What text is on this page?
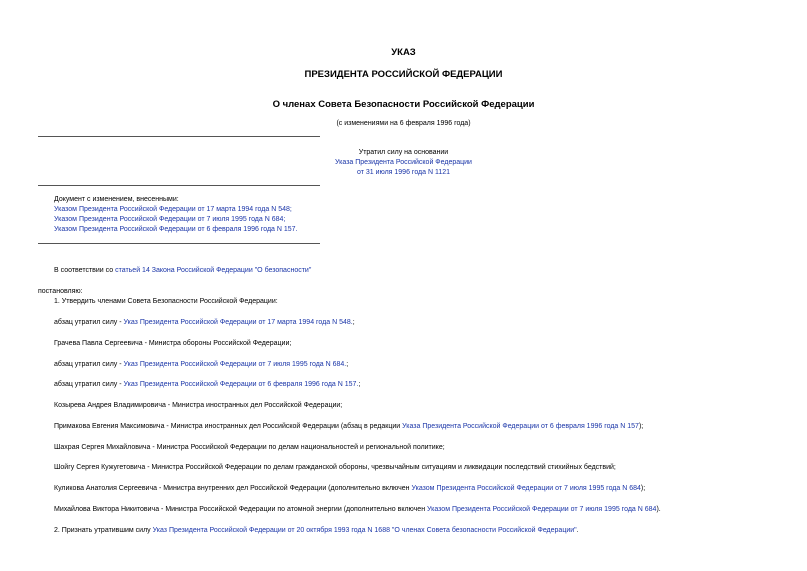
УКАЗ
ПРЕЗИДЕНТА РОССИЙСКОЙ ФЕДЕРАЦИИ
О членах Совета Безопасности Российской Федерации
(с изменениями на 6 февраля 1996 года)
Утратил силу на основании
Указа Президента Российской Федерации
от 31 июля 1996 года N 1121
Документ с изменением, внесенными:
Указом Президента Российской Федерации от 17 марта 1994 года N 548;
Указом Президента Российской Федерации от 7 июля 1995 года N 684;
Указом Президента Российской Федерации от 6 февраля 1996 года N 157.
В соответствии со статьей 14 Закона Российской Федерации "О безопасности"
постановляю:
1. Утвердить членами Совета Безопасности Российской Федерации:
абзац утратил силу - Указ Президента Российской Федерации от 17 марта 1994 года N 548.;
Грачева Павла Сергеевича - Министра обороны Российской Федерации;
абзац утратил силу - Указ Президента Российской Федерации от 7 июля 1995 года N 684.;
абзац утратил силу - Указ Президента Российской Федерации от 6 февраля 1996 года N 157.;
Козырева Андрея Владимировича - Министра иностранных дел Российской Федерации;
Примакова Евгения Максимовича - Министра иностранных дел Российской Федерации (абзац в редакции Указа Президента Российской Федерации от 6 февраля 1996 года N 157);
Шахрая Сергея Михайловича - Министра Российской Федерации по делам национальностей и региональной политике;
Шойгу Сергея Кужугетовича - Министра Российской Федерации по делам гражданской обороны, чрезвычайным ситуациям и ликвидации последствий стихийных бедствий;
Куликова Анатолия Сергеевича - Министра внутренних дел Российской Федерации (дополнительно включен Указом Президента Российской Федерации от 7 июля 1995 года N 684);
Михайлова Виктора Никитовича - Министра Российской Федерации по атомной энергии (дополнительно включен Указом Президента Российской Федерации от 7 июля 1995 года N 684).
2. Признать утратившим силу Указ Президента Российской Федерации от 20 октября 1993 года N 1688 "О членах Совета безопасности Российской Федерации".
